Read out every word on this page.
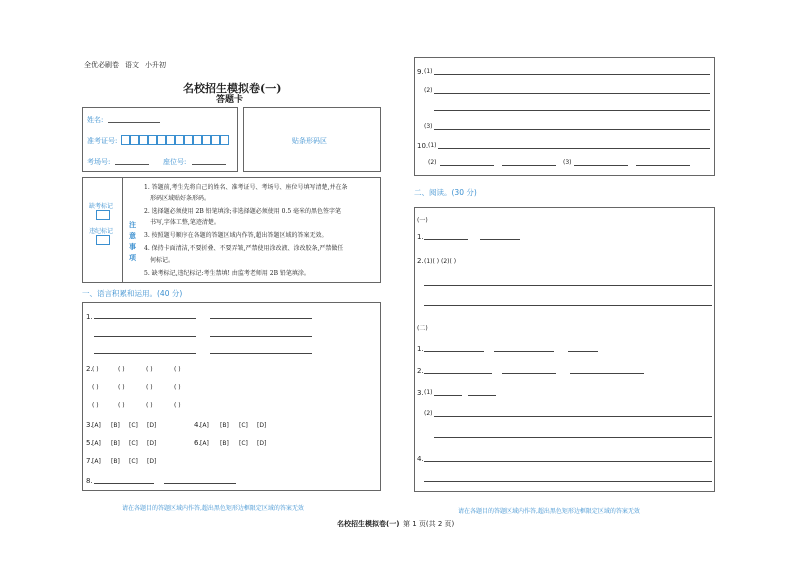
全优必刷卷 语文 小升初
名校招生模拟卷(一)
答题卡
姓名:
准考证号:
考场号:	座位号:
贴条形码区
缺考标记
违纪标记
注
意
事
项
1. 答题前,考生先将自己的姓名、准考证号、考场号、座位号填写清楚,并在条
形码区域贴好条形码。
2. 选择题必须使用 2B 铅笔填涂;非选择题必须使用 0.5 毫米的黑色签字笔
书写,字体工整,笔迹清楚。
3. 按照题号顺序在各题的答题区域内作答,超出答题区域的答案无效。
4. 保持卡面清洁,不要折叠、不要弄皱,严禁使用涂改液、涂改胶条,严禁做任
何标记。
5. 缺考标记,违纪标记:考生禁填! 由监考老师用 2B 铅笔填涂。
一、语言积累和运用。(40 分)
1.
2. ( )	( )	( )	( )
( )	( )	( )	( )
( )	( )	( )	( )
3. [A] [B] [C] [D]	4. [A] [B] [C] [D]
5. [A] [B] [C] [D]	6. [A] [B] [C] [D]
7. [A] [B] [C] [D]
8.
请在各题目的答题区域内作答,超出黑色矩形边框限定区域的答案无效
9. (1)
(2)
(3)
10. (1)
(2)	(3)
二、阅读。(30 分)
(一)
1.
2. (1)( ) (2)( )
(二)
1.
2.
3. (1)
(2)
4.
请在各题目的答题区域内作答,超出黑色矩形边框限定区域的答案无效
名校招生模拟卷(一) 第 1 页(共 2 页)
